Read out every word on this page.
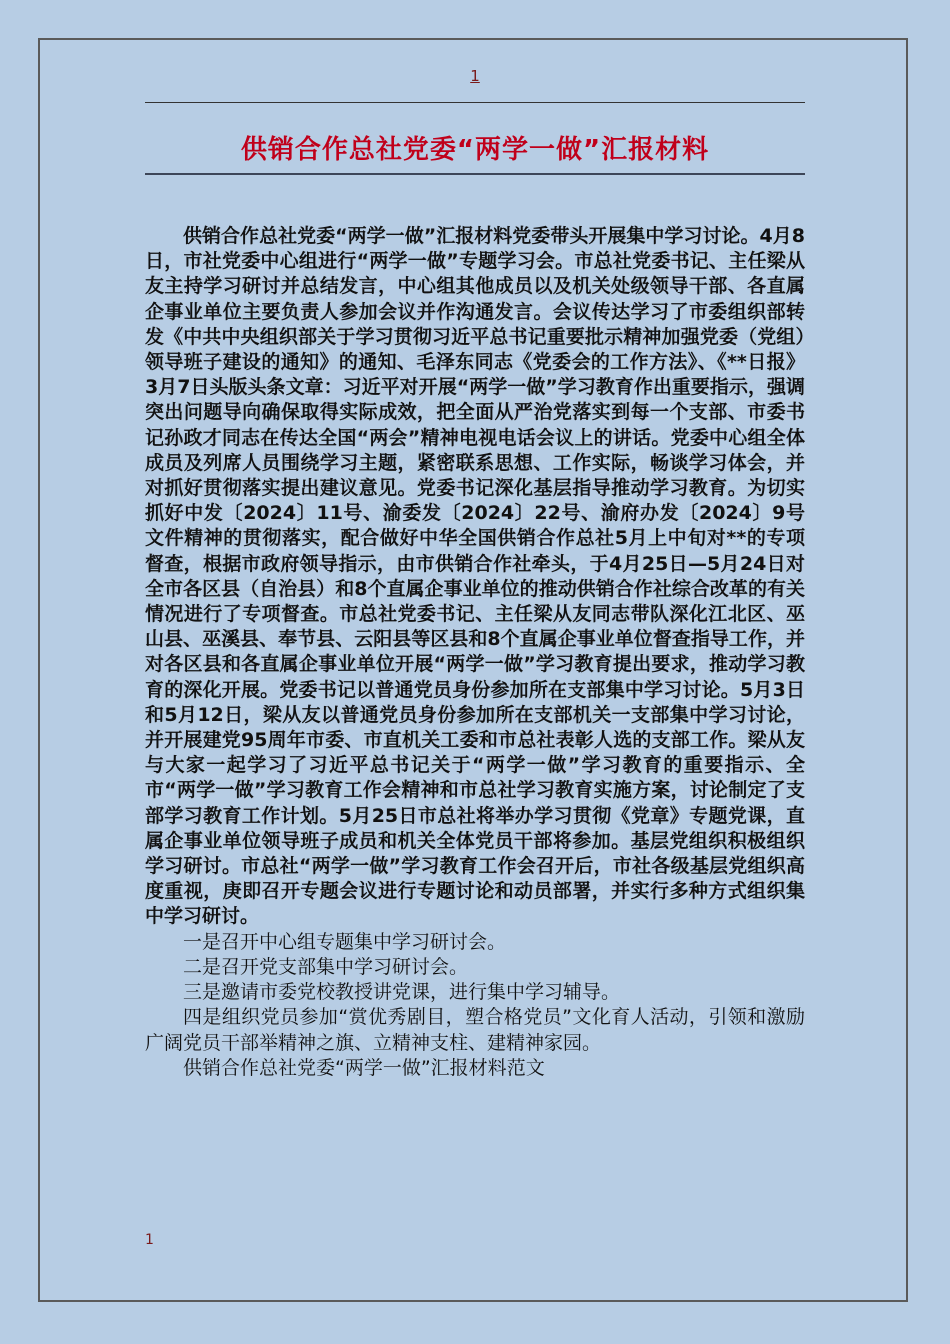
1
供销合作总社党委“两学一做”汇报材料

供销合作总社党委“两学一做”汇报材料党委带头开展集中学习讨论。4月8日，市社党委中心组进行“两学一做”专题学习会。市总社党委书记、主任梁从友主持学习研讨并总结发言，中心组其他成员以及机关处级领导干部、各直属企事业单位主要负责人参加会议并作沟通发言。会议传达学习了市委组织部转发《中共中央组织部关于学习贯彻习近平总书记重要批示精神加强党委（党组）领导班子建设的通知》的通知、毛泽东同志《党委会的工作方法》、《**日报》3月7日头版头条文章：习近平对开展“两学一做”学习教育作出重要指示，强调突出问题导向确保取得实际成效，把全面从严治党落实到每一个支部、市委书记孙政才同志在传达全国“两会”精神电视电话会议上的讲话。党委中心组全体成员及列席人员围绕学习主题，紧密联系思想、工作实际，畅谈学习体会，并对抓好贯彻落实提出建议意见。党委书记深化基层指导推动学习教育。为切实抓好中发〔2024〕11号、渝委发〔2024〕22号、渝府办发〔2024〕9号文件精神的贯彻落实，配合做好中华全国供销合作总社5月上中旬对**的专项督查，根据市政府领导指示，由市供销合作社牵头，于4月25日—5月24日对全市各区县（自治县）和8个直属企事业单位的推动供销合作社综合改革的有关情况进行了专项督查。市总社党委书记、主任梁从友同志带队深化江北区、巫山县、巫溪县、奉节县、云阳县等区县和8个直属企事业单位督查指导工作，并对各区县和各直属企事业单位开展“两学一做”学习教育提出要求，推动学习教育的深化开展。党委书记以普通党员身份参加所在支部集中学习讨论。5月3日和5月12日，梁从友以普通党员身份参加所在支部机关一支部集中学习讨论，并开展建党95周年市委、市直机关工委和市总社表彰人选的支部工作。梁从友与大家一起学习了习近平总书记关于“两学一做”学习教育的重要指示、全市“两学一做”学习教育工作会精神和市总社学习教育实施方案，讨论制定了支部学习教育工作计划。5月25日市总社将举办学习贯彻《党章》专题党课，直属企事业单位领导班子成员和机关全体党员干部将参加。基层党组织积极组织学习研讨。市总社“两学一做”学习教育工作会召开后，市社各级基层党组织高度重视，庚即召开专题会议进行专题讨论和动员部署，并实行多种方式组织集中学习研讨。

一是召开中心组专题集中学习研讨会。

二是召开党支部集中学习研讨会。

三是邀请市委党校教授讲党课，进行集中学习辅导。

四是组织党员参加“赏优秀剧目，塑合格党员”文化育人活动，引领和激励广阔党员干部举精神之旗、立精神支柱、建精神家园。

供销合作总社党委“两学一做”汇报材料范文

1
